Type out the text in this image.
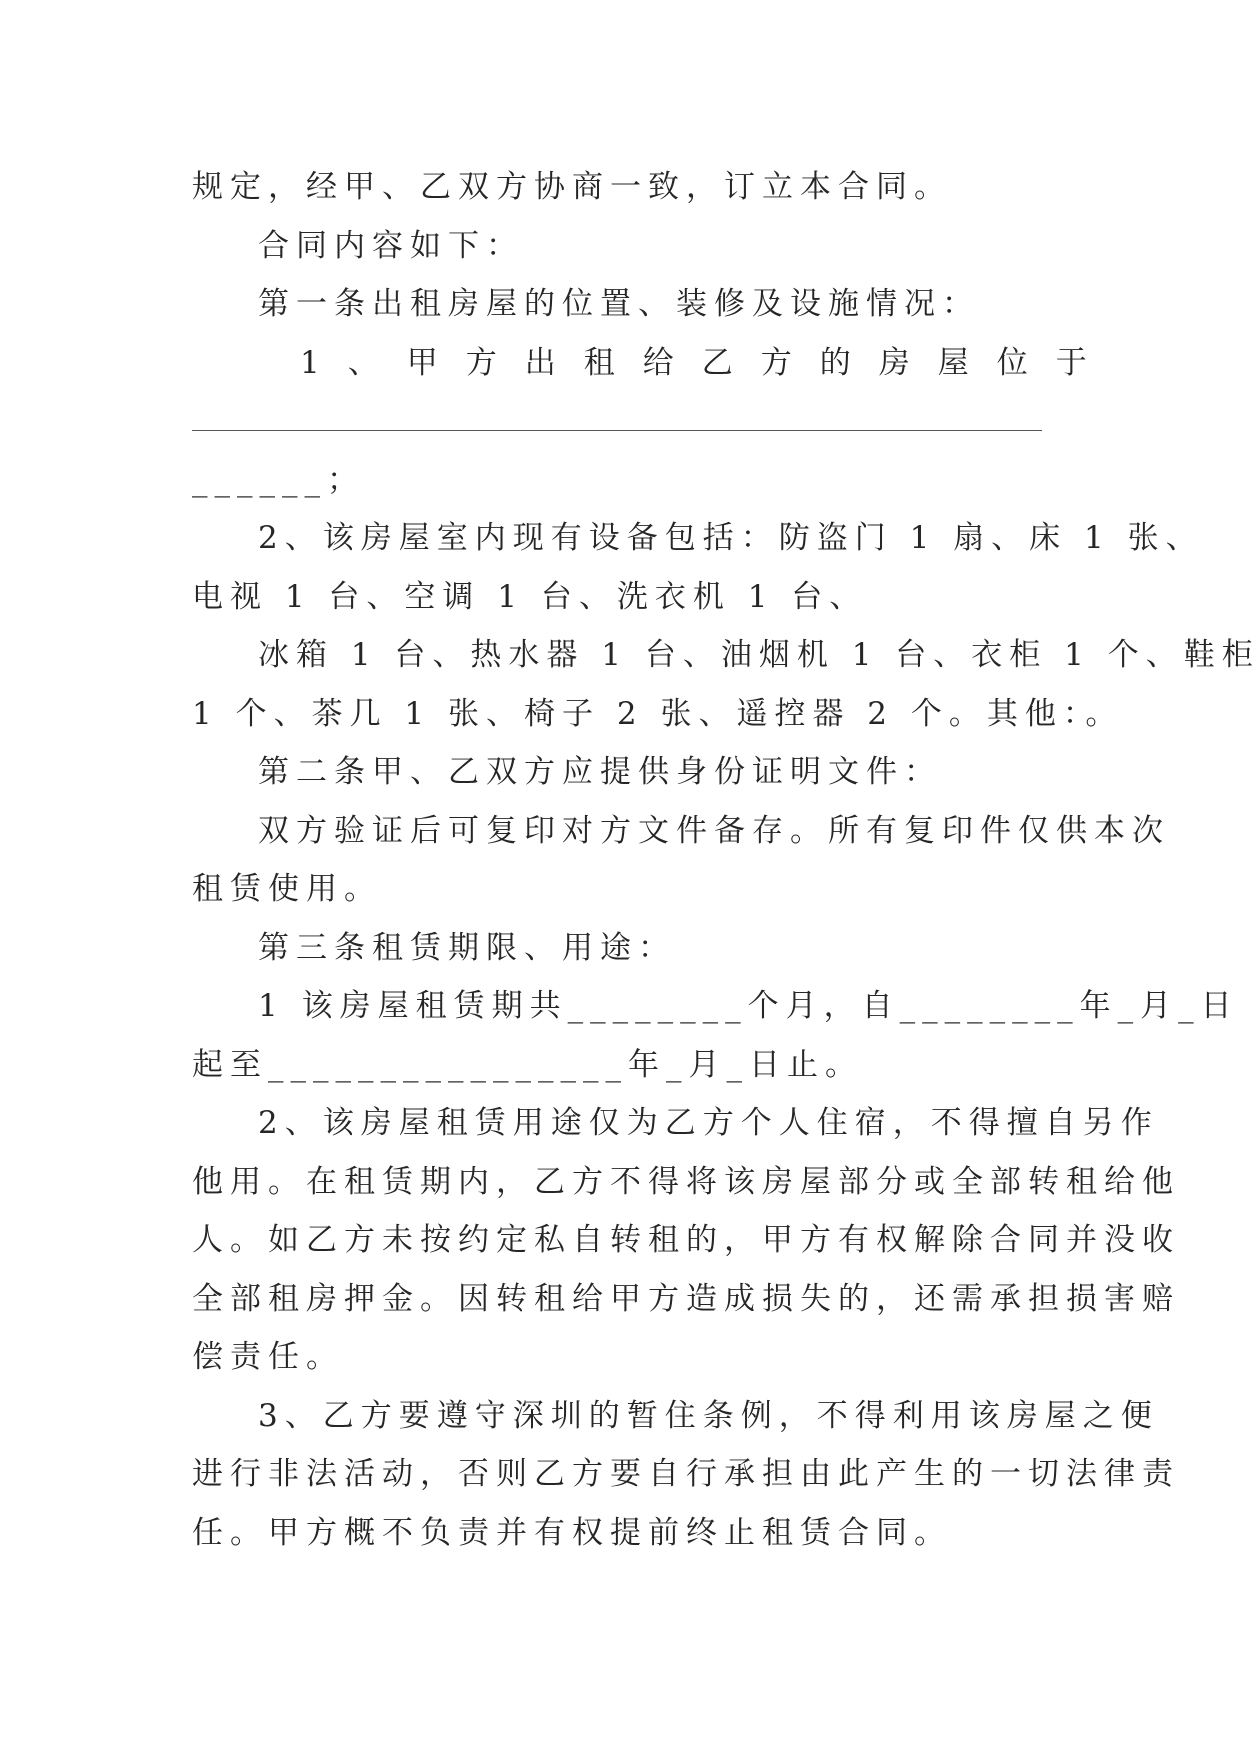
规定，经甲、乙双方协商一致，订立本合同。
合同内容如下：
第一条出租房屋的位置、装修及设施情况：
1、甲方出租给乙方的房屋位于
______；
2、该房屋室内现有设备包括：防盗门 1 扇、床 1 张、
电视 1 台、空调 1 台、洗衣机 1 台、
冰箱 1 台、热水器 1 台、油烟机 1 台、衣柜 1 个、鞋柜
1 个、茶几 1 张、椅子 2 张、遥控器 2 个。其他：。
第二条甲、乙双方应提供身份证明文件：
双方验证后可复印对方文件备存。所有复印件仅供本次
租赁使用。
第三条租赁期限、用途：
1 该房屋租赁期共________个月，自________年_月_日
起至________________年_月_日止。
2、该房屋租赁用途仅为乙方个人住宿，不得擅自另作
他用。在租赁期内，乙方不得将该房屋部分或全部转租给他
人。如乙方未按约定私自转租的，甲方有权解除合同并没收
全部租房押金。因转租给甲方造成损失的，还需承担损害赔
偿责任。
3、乙方要遵守深圳的暂住条例，不得利用该房屋之便
进行非法活动，否则乙方要自行承担由此产生的一切法律责
任。甲方概不负责并有权提前终止租赁合同。
